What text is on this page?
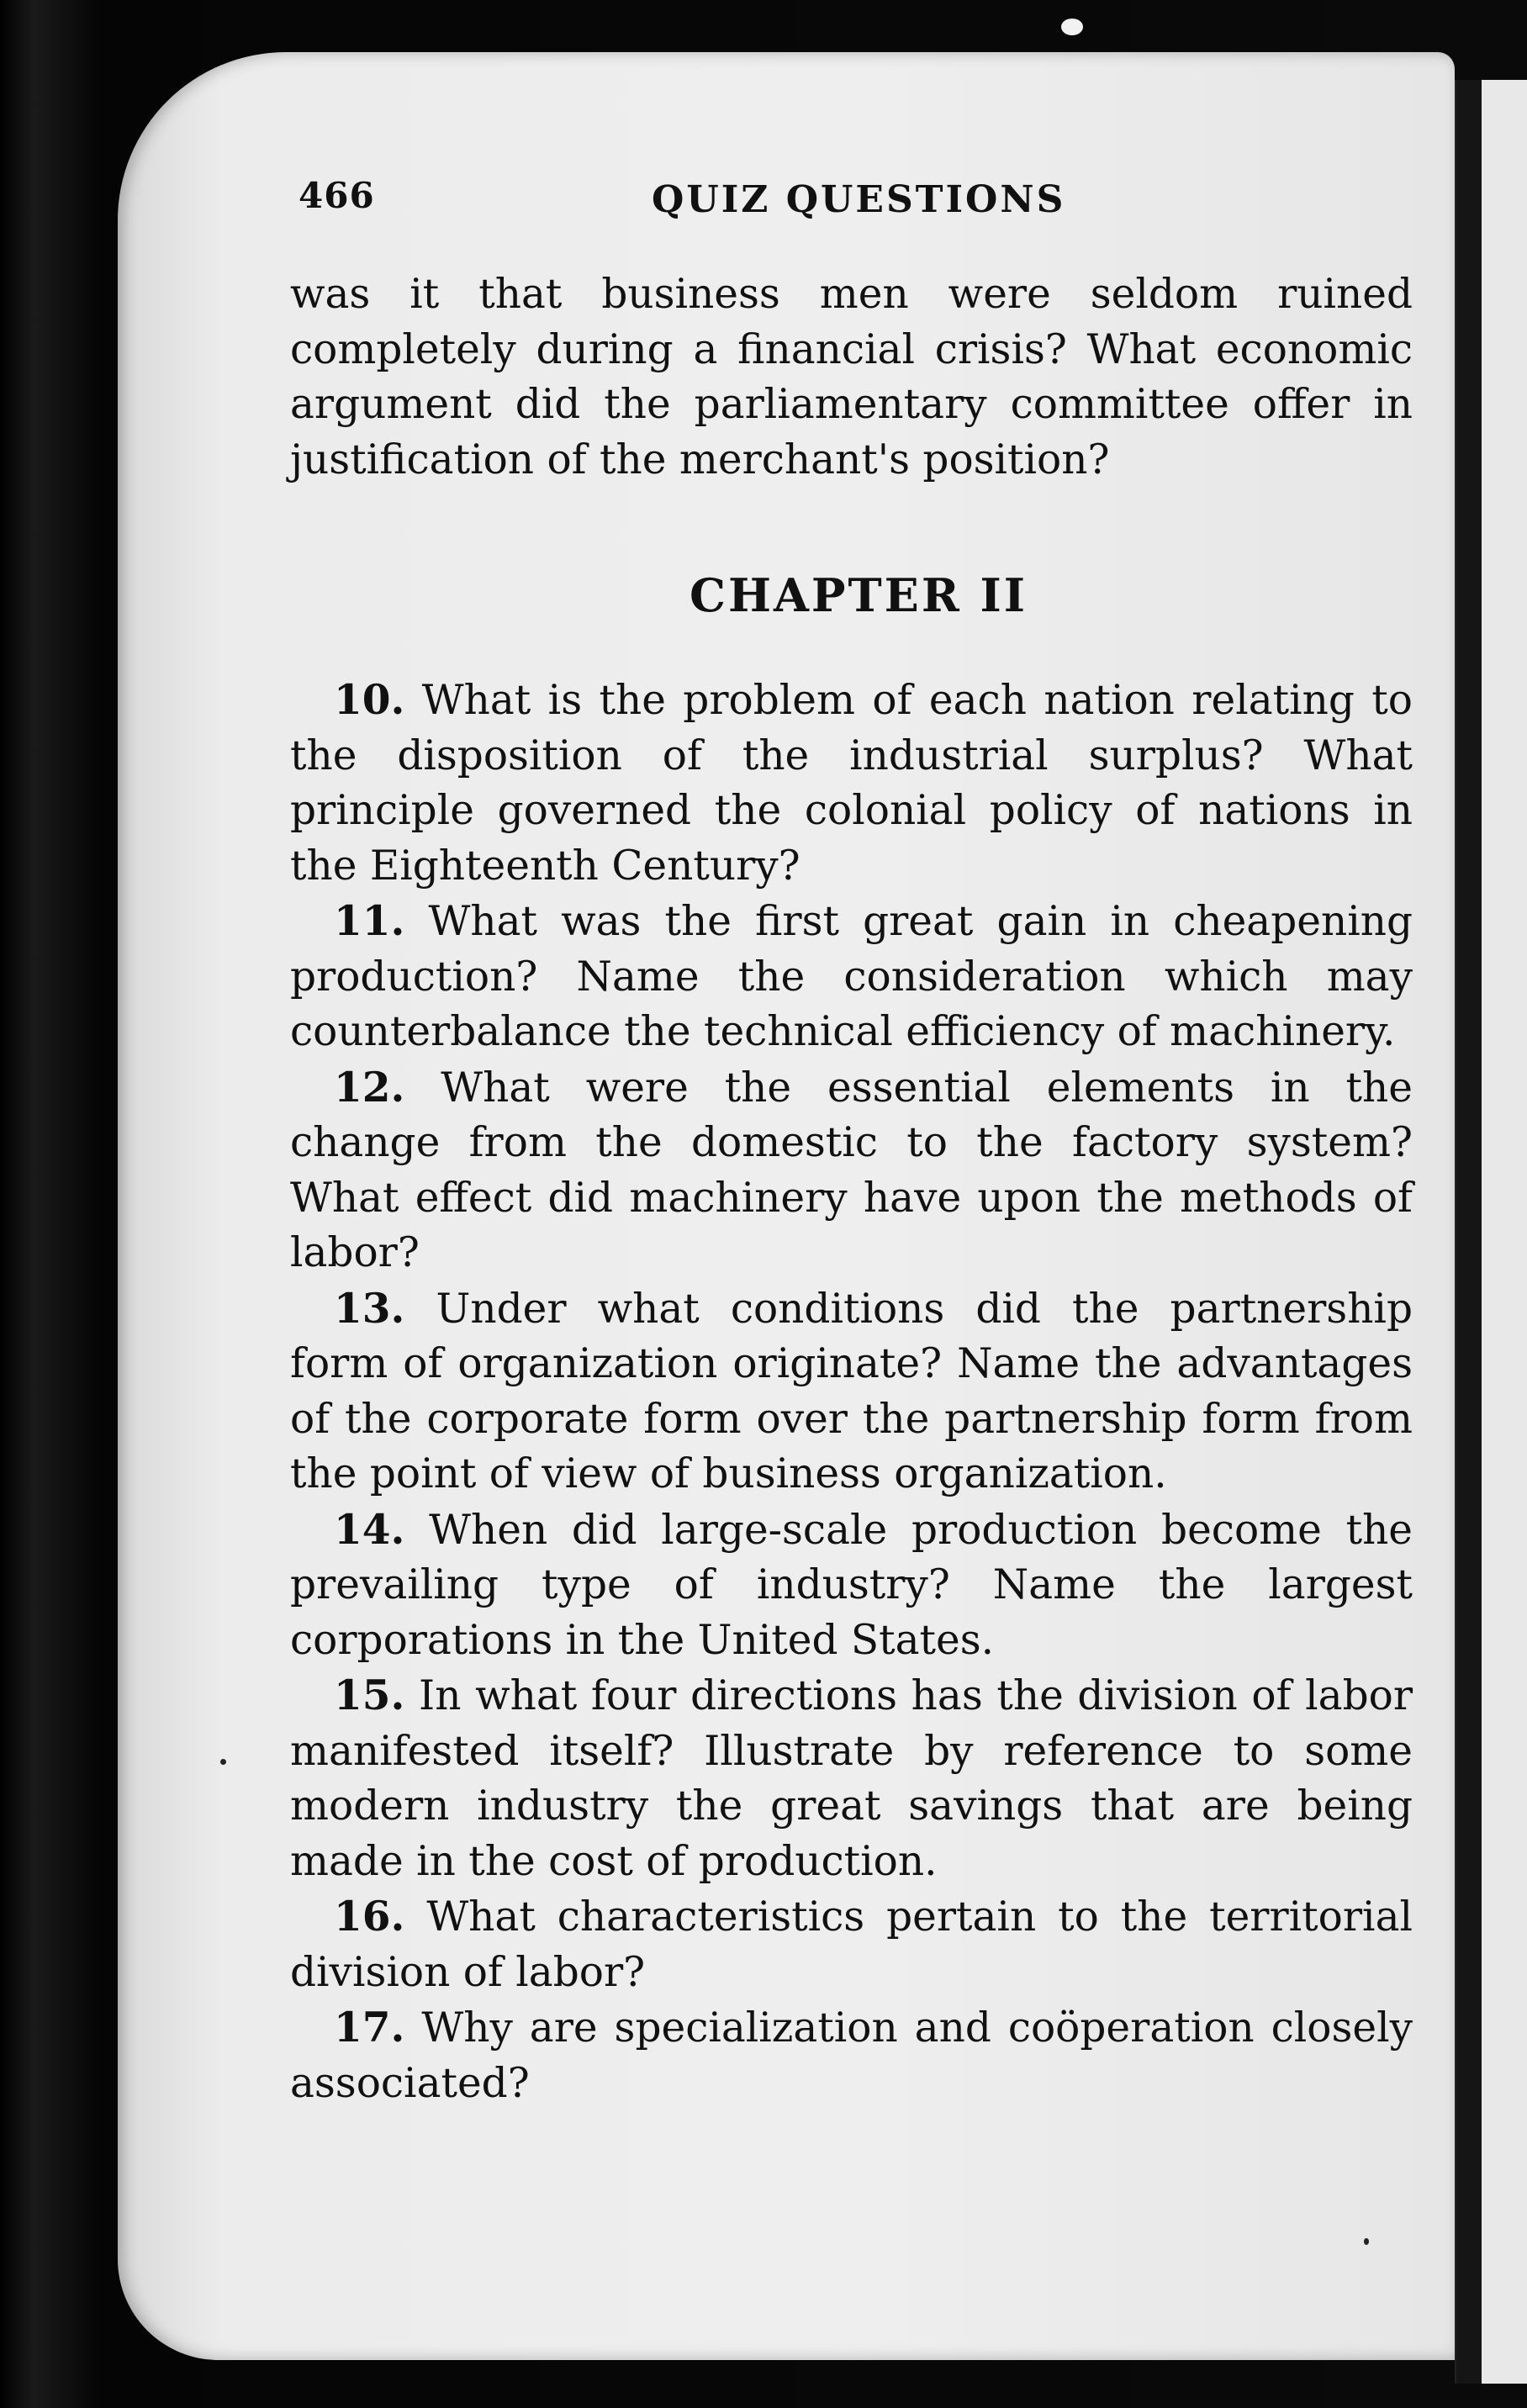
466	QUIZ QUESTIONS

was it that business men were seldom ruined completely during a financial crisis? What economic argument did the parliamentary committee offer in justification of the merchant's position?

CHAPTER II

10. What is the problem of each nation relating to the disposition of the industrial surplus? What principle governed the colonial policy of nations in the Eighteenth Century?

11. What was the first great gain in cheapening production? Name the consideration which may counterbalance the technical efficiency of machinery.

12. What were the essential elements in the change from the domestic to the factory system? What effect did machinery have upon the methods of labor?

13. Under what conditions did the partnership form of organization originate? Name the advantages of the corporate form over the partnership form from the point of view of business organization.

14. When did large-scale production become the prevailing type of industry? Name the largest corporations in the United States.

15. In what four directions has the division of labor manifested itself? Illustrate by reference to some modern industry the great savings that are being made in the cost of production.

16. What characteristics pertain to the territorial division of labor?

17. Why are specialization and coöperation closely associated?
